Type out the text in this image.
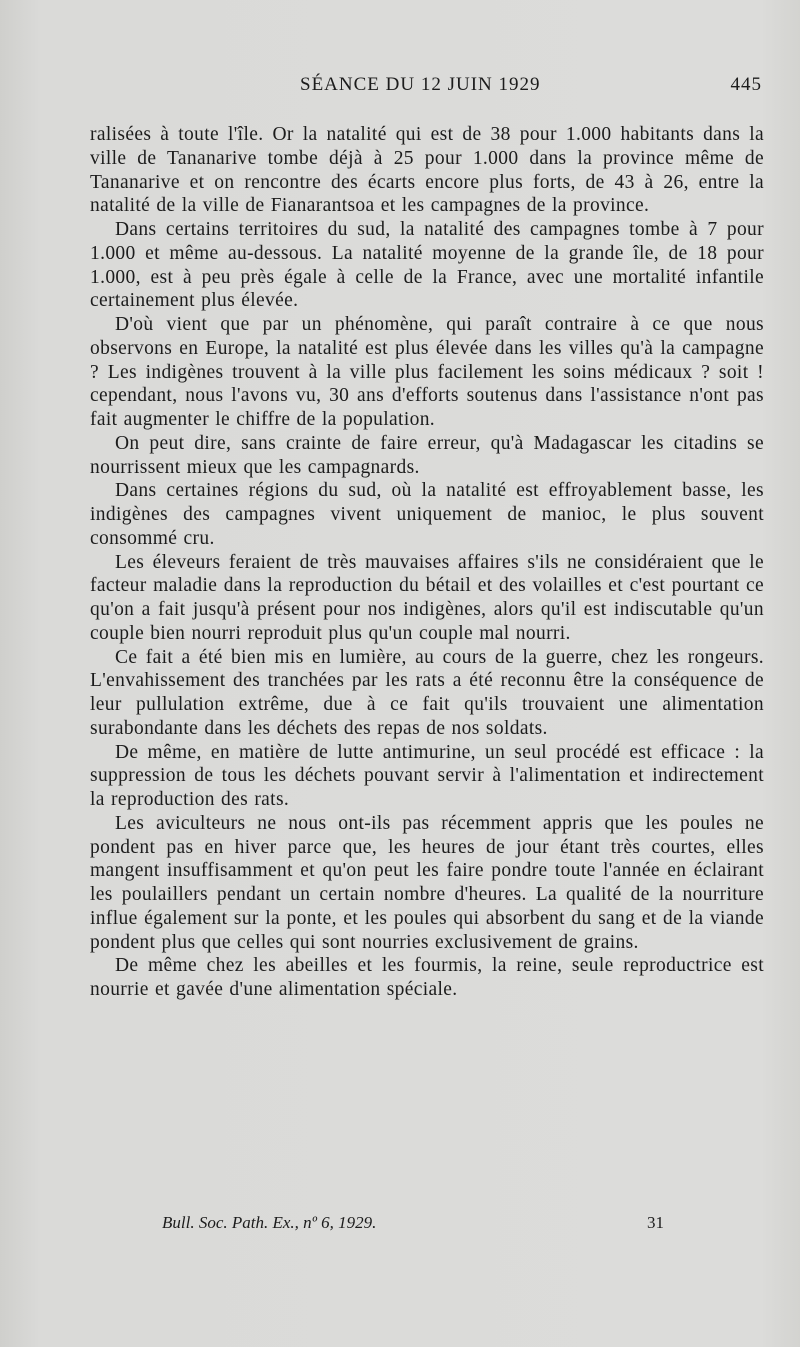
SÉANCE DU 12 JUIN 1929	445

ralisées à toute l'île. Or la natalité qui est de 38 pour 1.000 habitants dans la ville de Tananarive tombe déjà à 25 pour 1.000 dans la province même de Tananarive et on rencontre des écarts encore plus forts, de 43 à 26, entre la natalité de la ville de Fianarantsoa et les campagnes de la province.

Dans certains territoires du sud, la natalité des campagnes tombe à 7 pour 1.000 et même au-dessous. La natalité moyenne de la grande île, de 18 pour 1.000, est à peu près égale à celle de la France, avec une mortalité infantile certainement plus élevée.

D'où vient que par un phénomène, qui paraît contraire à ce que nous observons en Europe, la natalité est plus élevée dans les villes qu'à la campagne ? Les indigènes trouvent à la ville plus facilement les soins médicaux ? soit ! cependant, nous l'avons vu, 30 ans d'efforts soutenus dans l'assistance n'ont pas fait augmenter le chiffre de la population.

On peut dire, sans crainte de faire erreur, qu'à Madagascar les citadins se nourrissent mieux que les campagnards.

Dans certaines régions du sud, où la natalité est effroyablement basse, les indigènes des campagnes vivent uniquement de manioc, le plus souvent consommé cru.

Les éleveurs feraient de très mauvaises affaires s'ils ne considéraient que le facteur maladie dans la reproduction du bétail et des volailles et c'est pourtant ce qu'on a fait jusqu'à présent pour nos indigènes, alors qu'il est indiscutable qu'un couple bien nourri reproduit plus qu'un couple mal nourri.

Ce fait a été bien mis en lumière, au cours de la guerre, chez les rongeurs. L'envahissement des tranchées par les rats a été reconnu être la conséquence de leur pullulation extrême, due à ce fait qu'ils trouvaient une alimentation surabondante dans les déchets des repas de nos soldats.

De même, en matière de lutte antimurine, un seul procédé est efficace : la suppression de tous les déchets pouvant servir à l'alimentation et indirectement la reproduction des rats.

Les aviculteurs ne nous ont-ils pas récemment appris que les poules ne pondent pas en hiver parce que, les heures de jour étant très courtes, elles mangent insuffisamment et qu'on peut les faire pondre toute l'année en éclairant les poulaillers pendant un certain nombre d'heures. La qualité de la nourriture influe également sur la ponte, et les poules qui absorbent du sang et de la viande pondent plus que celles qui sont nourries exclusivement de grains.

De même chez les abeilles et les fourmis, la reine, seule reproductrice est nourrie et gavée d'une alimentation spéciale.

Bull. Soc. Path. Ex., nº 6, 1929.	31
